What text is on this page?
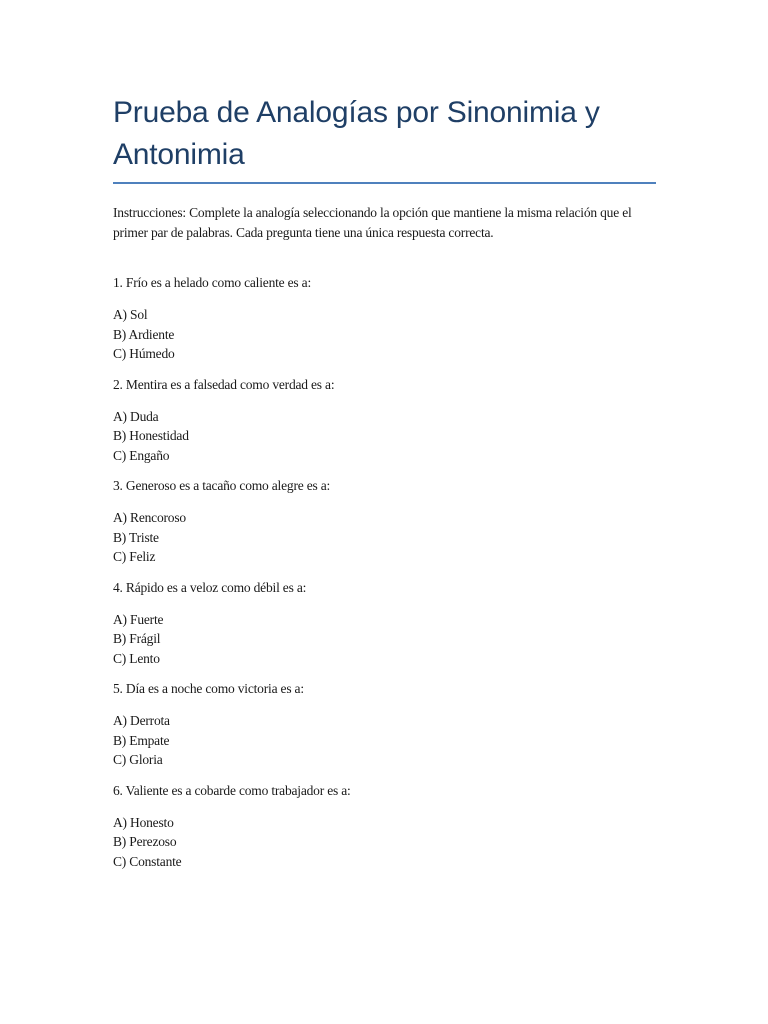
Prueba de Analogías por Sinonimia y Antonimia

Instrucciones: Complete la analogía seleccionando la opción que mantiene la misma relación que el primer par de palabras. Cada pregunta tiene una única respuesta correcta.

1. Frío es a helado como caliente es a:

A) Sol
B) Ardiente
C) Húmedo

2. Mentira es a falsedad como verdad es a:

A) Duda
B) Honestidad
C) Engaño

3. Generoso es a tacaño como alegre es a:

A) Rencoroso
B) Triste
C) Feliz

4. Rápido es a veloz como débil es a:

A) Fuerte
B) Frágil
C) Lento

5. Día es a noche como victoria es a:

A) Derrota
B) Empate
C) Gloria

6. Valiente es a cobarde como trabajador es a:

A) Honesto
B) Perezoso
C) Constante
